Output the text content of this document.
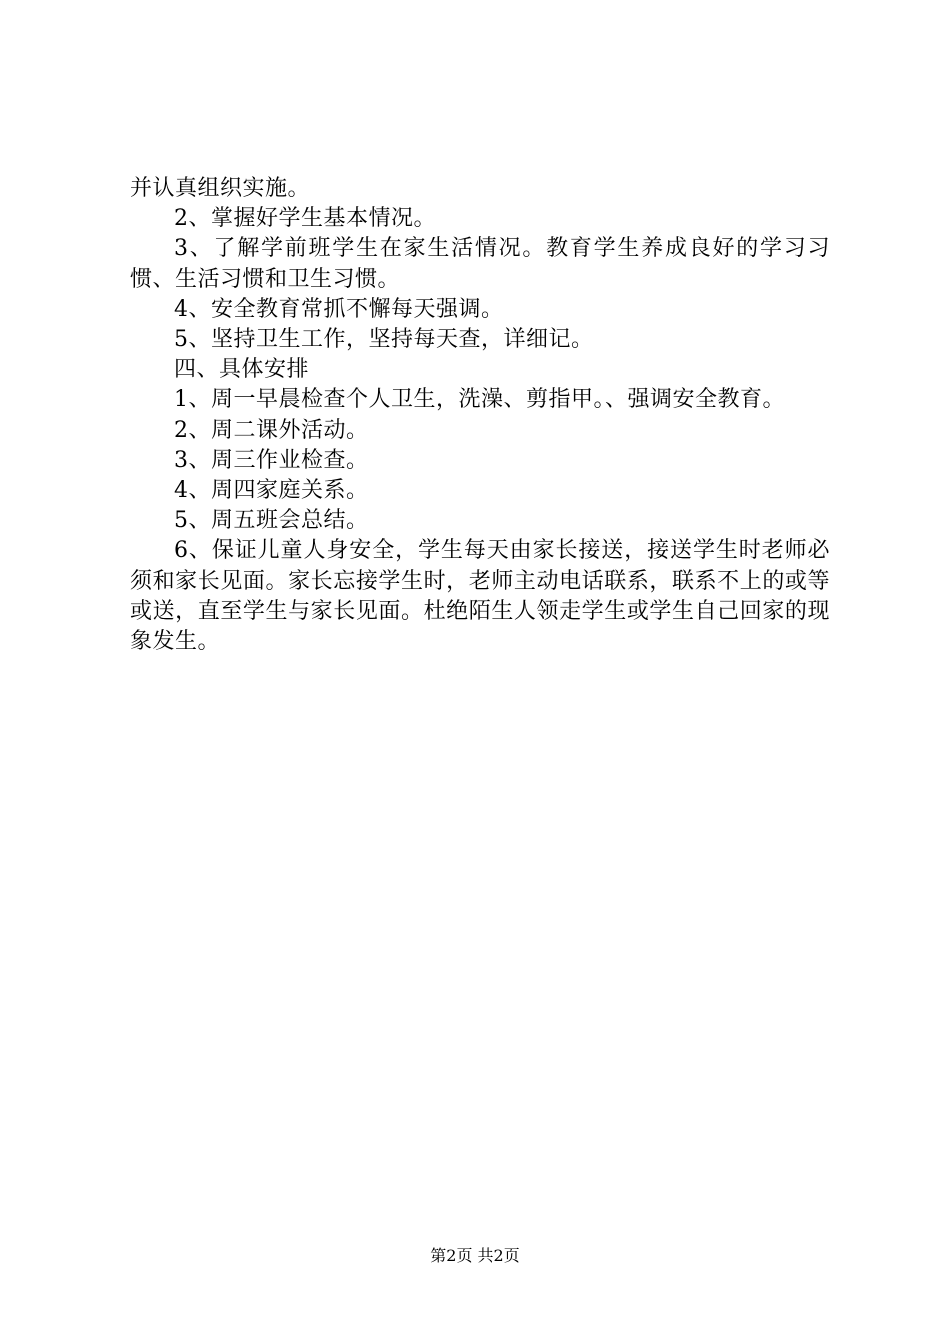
并认真组织实施。

2、掌握好学生基本情况。

3、了解学前班学生在家生活情况。教育学生养成良好的学习习惯、生活习惯和卫生习惯。

4、安全教育常抓不懈每天强调。

5、坚持卫生工作，坚持每天查，详细记。

四、具体安排

1、周一早晨检查个人卫生，洗澡、剪指甲。、强调安全教育。

2、周二课外活动。

3、周三作业检查。

4、周四家庭关系。

5、周五班会总结。

6、保证儿童人身安全，学生每天由家长接送，接送学生时老师必须和家长见面。家长忘接学生时，老师主动电话联系，联系不上的或等或送，直至学生与家长见面。杜绝陌生人领走学生或学生自己回家的现象发生。

第2页 共2页
